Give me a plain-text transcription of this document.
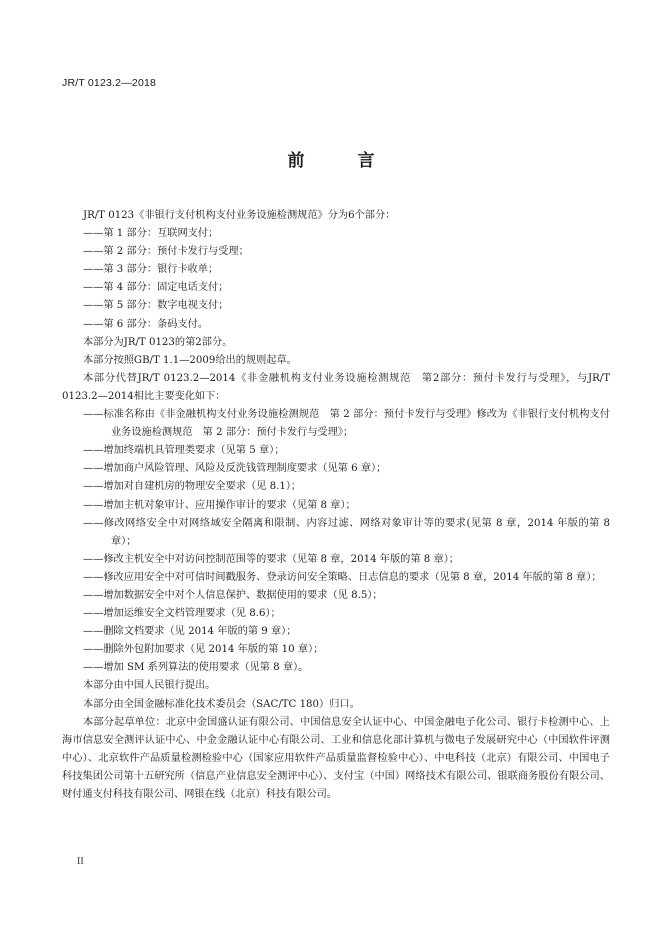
JR/T 0123.2—2018
前　言

JR/T 0123《非银行支付机构支付业务设施检测规范》分为6个部分：

——第 1 部分：互联网支付；

——第 2 部分：预付卡发行与受理；

——第 3 部分：银行卡收单；

——第 4 部分：固定电话支付；

——第 5 部分：数字电视支付；

——第 6 部分：条码支付。

本部分为JR/T 0123的第2部分。

本部分按照GB/T 1.1—2009给出的规则起草。

本部分代替JR/T 0123.2—2014《非金融机构支付业务设施检测规范　第2部分：预付卡发行与受理》，与JR/T 0123.2—2014相比主要变化如下：

——标准名称由《非金融机构支付业务设施检测规范　第 2 部分：预付卡发行与受理》修改为《非银行支付机构支付业务设施检测规范　第 2 部分：预付卡发行与受理》；

——增加终端机具管理类要求（见第 5 章）；

——增加商户风险管理、风险及反洗钱管理制度要求（见第 6 章）；

——增加对自建机房的物理安全要求（见 8.1）；

——增加主机对象审计、应用操作审计的要求（见第 8 章）；

——修改网络安全中对网络域安全隔离和限制、内容过滤、网络对象审计等的要求(见第 8 章，2014 年版的第 8 章）；

——修改主机安全中对访问控制范围等的要求（见第 8 章，2014 年版的第 8 章）；

——修改应用安全中对可信时间戳服务、登录访问安全策略、日志信息的要求（见第 8 章，2014 年版的第 8 章）；

——增加数据安全中对个人信息保护、数据使用的要求（见 8.5）；

——增加运维安全文档管理要求（见 8.6）；

——删除文档要求（见 2014 年版的第 9 章）；

——删除外包附加要求（见 2014 年版的第 10 章）；

——增加 SM 系列算法的使用要求（见第 8 章）。

本部分由中国人民银行提出。

本部分由全国金融标准化技术委员会（SAC/TC 180）归口。

本部分起草单位：北京中金国盛认证有限公司、中国信息安全认证中心、中国金融电子化公司、银行卡检测中心、上海市信息安全测评认证中心、中金金融认证中心有限公司、工业和信息化部计算机与微电子发展研究中心（中国软件评测中心）、北京软件产品质量检测检验中心（国家应用软件产品质量监督检验中心）、中电科技（北京）有限公司、中国电子科技集团公司第十五研究所（信息产业信息安全测评中心）、支付宝（中国）网络技术有限公司、银联商务股份有限公司、财付通支付科技有限公司、网银在线（北京）科技有限公司。

II
